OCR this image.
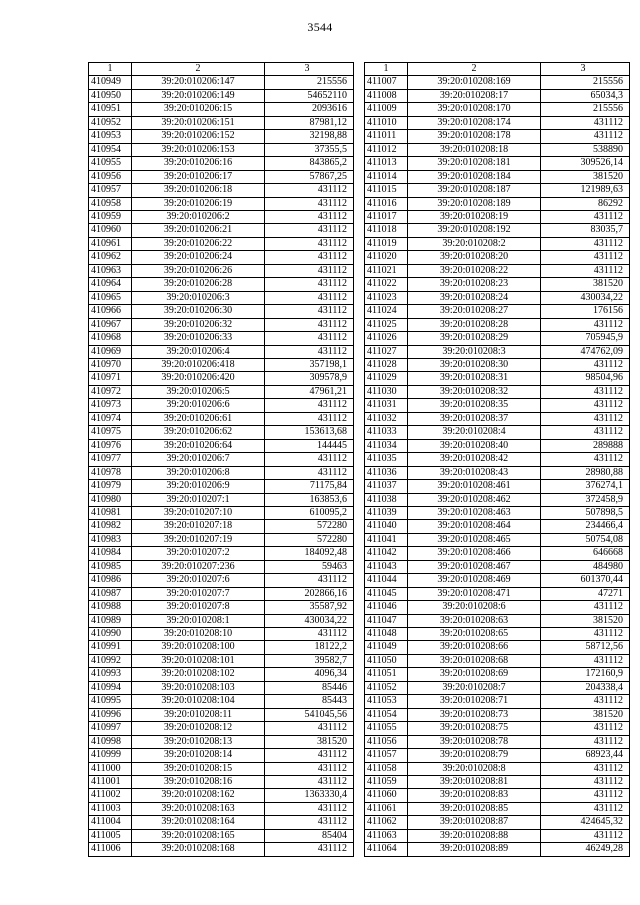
3544
1	2	3
410949	39:20:010206:147	215556
410950	39:20:010206:149	54652110
410951	39:20:010206:15	2093616
410952	39:20:010206:151	87981,12
410953	39:20:010206:152	32198,88
410954	39:20:010206:153	37355,5
410955	39:20:010206:16	843865,2
410956	39:20:010206:17	57867,25
410957	39:20:010206:18	431112
410958	39:20:010206:19	431112
410959	39:20:010206:2	431112
410960	39:20:010206:21	431112
410961	39:20:010206:22	431112
410962	39:20:010206:24	431112
410963	39:20:010206:26	431112
410964	39:20:010206:28	431112
410965	39:20:010206:3	431112
410966	39:20:010206:30	431112
410967	39:20:010206:32	431112
410968	39:20:010206:33	431112
410969	39:20:010206:4	431112
410970	39:20:010206:418	357198,1
410971	39:20:010206:420	309578,9
410972	39:20:010206:5	47961,21
410973	39:20:010206:6	431112
410974	39:20:010206:61	431112
410975	39:20:010206:62	153613,68
410976	39:20:010206:64	144445
410977	39:20:010206:7	431112
410978	39:20:010206:8	431112
410979	39:20:010206:9	71175,84
410980	39:20:010207:1	163853,6
410981	39:20:010207:10	610095,2
410982	39:20:010207:18	572280
410983	39:20:010207:19	572280
410984	39:20:010207:2	184092,48
410985	39:20:010207:236	59463
410986	39:20:010207:6	431112
410987	39:20:010207:7	202866,16
410988	39:20:010207:8	35587,92
410989	39:20:010208:1	430034,22
410990	39:20:010208:10	431112
410991	39:20:010208:100	18122,2
410992	39:20:010208:101	39582,7
410993	39:20:010208:102	4096,34
410994	39:20:010208:103	85446
410995	39:20:010208:104	85443
410996	39:20:010208:11	541045,56
410997	39:20:010208:12	431112
410998	39:20:010208:13	381520
410999	39:20:010208:14	431112
411000	39:20:010208:15	431112
411001	39:20:010208:16	431112
411002	39:20:010208:162	1363330,4
411003	39:20:010208:163	431112
411004	39:20:010208:164	431112
411005	39:20:010208:165	85404
411006	39:20:010208:168	431112
1	2	3
411007	39:20:010208:169	215556
411008	39:20:010208:17	65034,3
411009	39:20:010208:170	215556
411010	39:20:010208:174	431112
411011	39:20:010208:178	431112
411012	39:20:010208:18	538890
411013	39:20:010208:181	309526,14
411014	39:20:010208:184	381520
411015	39:20:010208:187	121989,63
411016	39:20:010208:189	86292
411017	39:20:010208:19	431112
411018	39:20:010208:192	83035,7
411019	39:20:010208:2	431112
411020	39:20:010208:20	431112
411021	39:20:010208:22	431112
411022	39:20:010208:23	381520
411023	39:20:010208:24	430034,22
411024	39:20:010208:27	176156
411025	39:20:010208:28	431112
411026	39:20:010208:29	705945,9
411027	39:20:010208:3	474762,09
411028	39:20:010208:30	431112
411029	39:20:010208:31	98504,96
411030	39:20:010208:32	431112
411031	39:20:010208:35	431112
411032	39:20:010208:37	431112
411033	39:20:010208:4	431112
411034	39:20:010208:40	289888
411035	39:20:010208:42	431112
411036	39:20:010208:43	28980,88
411037	39:20:010208:461	376274,1
411038	39:20:010208:462	372458,9
411039	39:20:010208:463	507898,5
411040	39:20:010208:464	234466,4
411041	39:20:010208:465	50754,08
411042	39:20:010208:466	646668
411043	39:20:010208:467	484980
411044	39:20:010208:469	601370,44
411045	39:20:010208:471	47271
411046	39:20:010208:6	431112
411047	39:20:010208:63	381520
411048	39:20:010208:65	431112
411049	39:20:010208:66	58712,56
411050	39:20:010208:68	431112
411051	39:20:010208:69	172160,9
411052	39:20:010208:7	204338,4
411053	39:20:010208:71	431112
411054	39:20:010208:73	381520
411055	39:20:010208:75	431112
411056	39:20:010208:78	431112
411057	39:20:010208:79	68923,44
411058	39:20:010208:8	431112
411059	39:20:010208:81	431112
411060	39:20:010208:83	431112
411061	39:20:010208:85	431112
411062	39:20:010208:87	424645,32
411063	39:20:010208:88	431112
411064	39:20:010208:89	46249,28
